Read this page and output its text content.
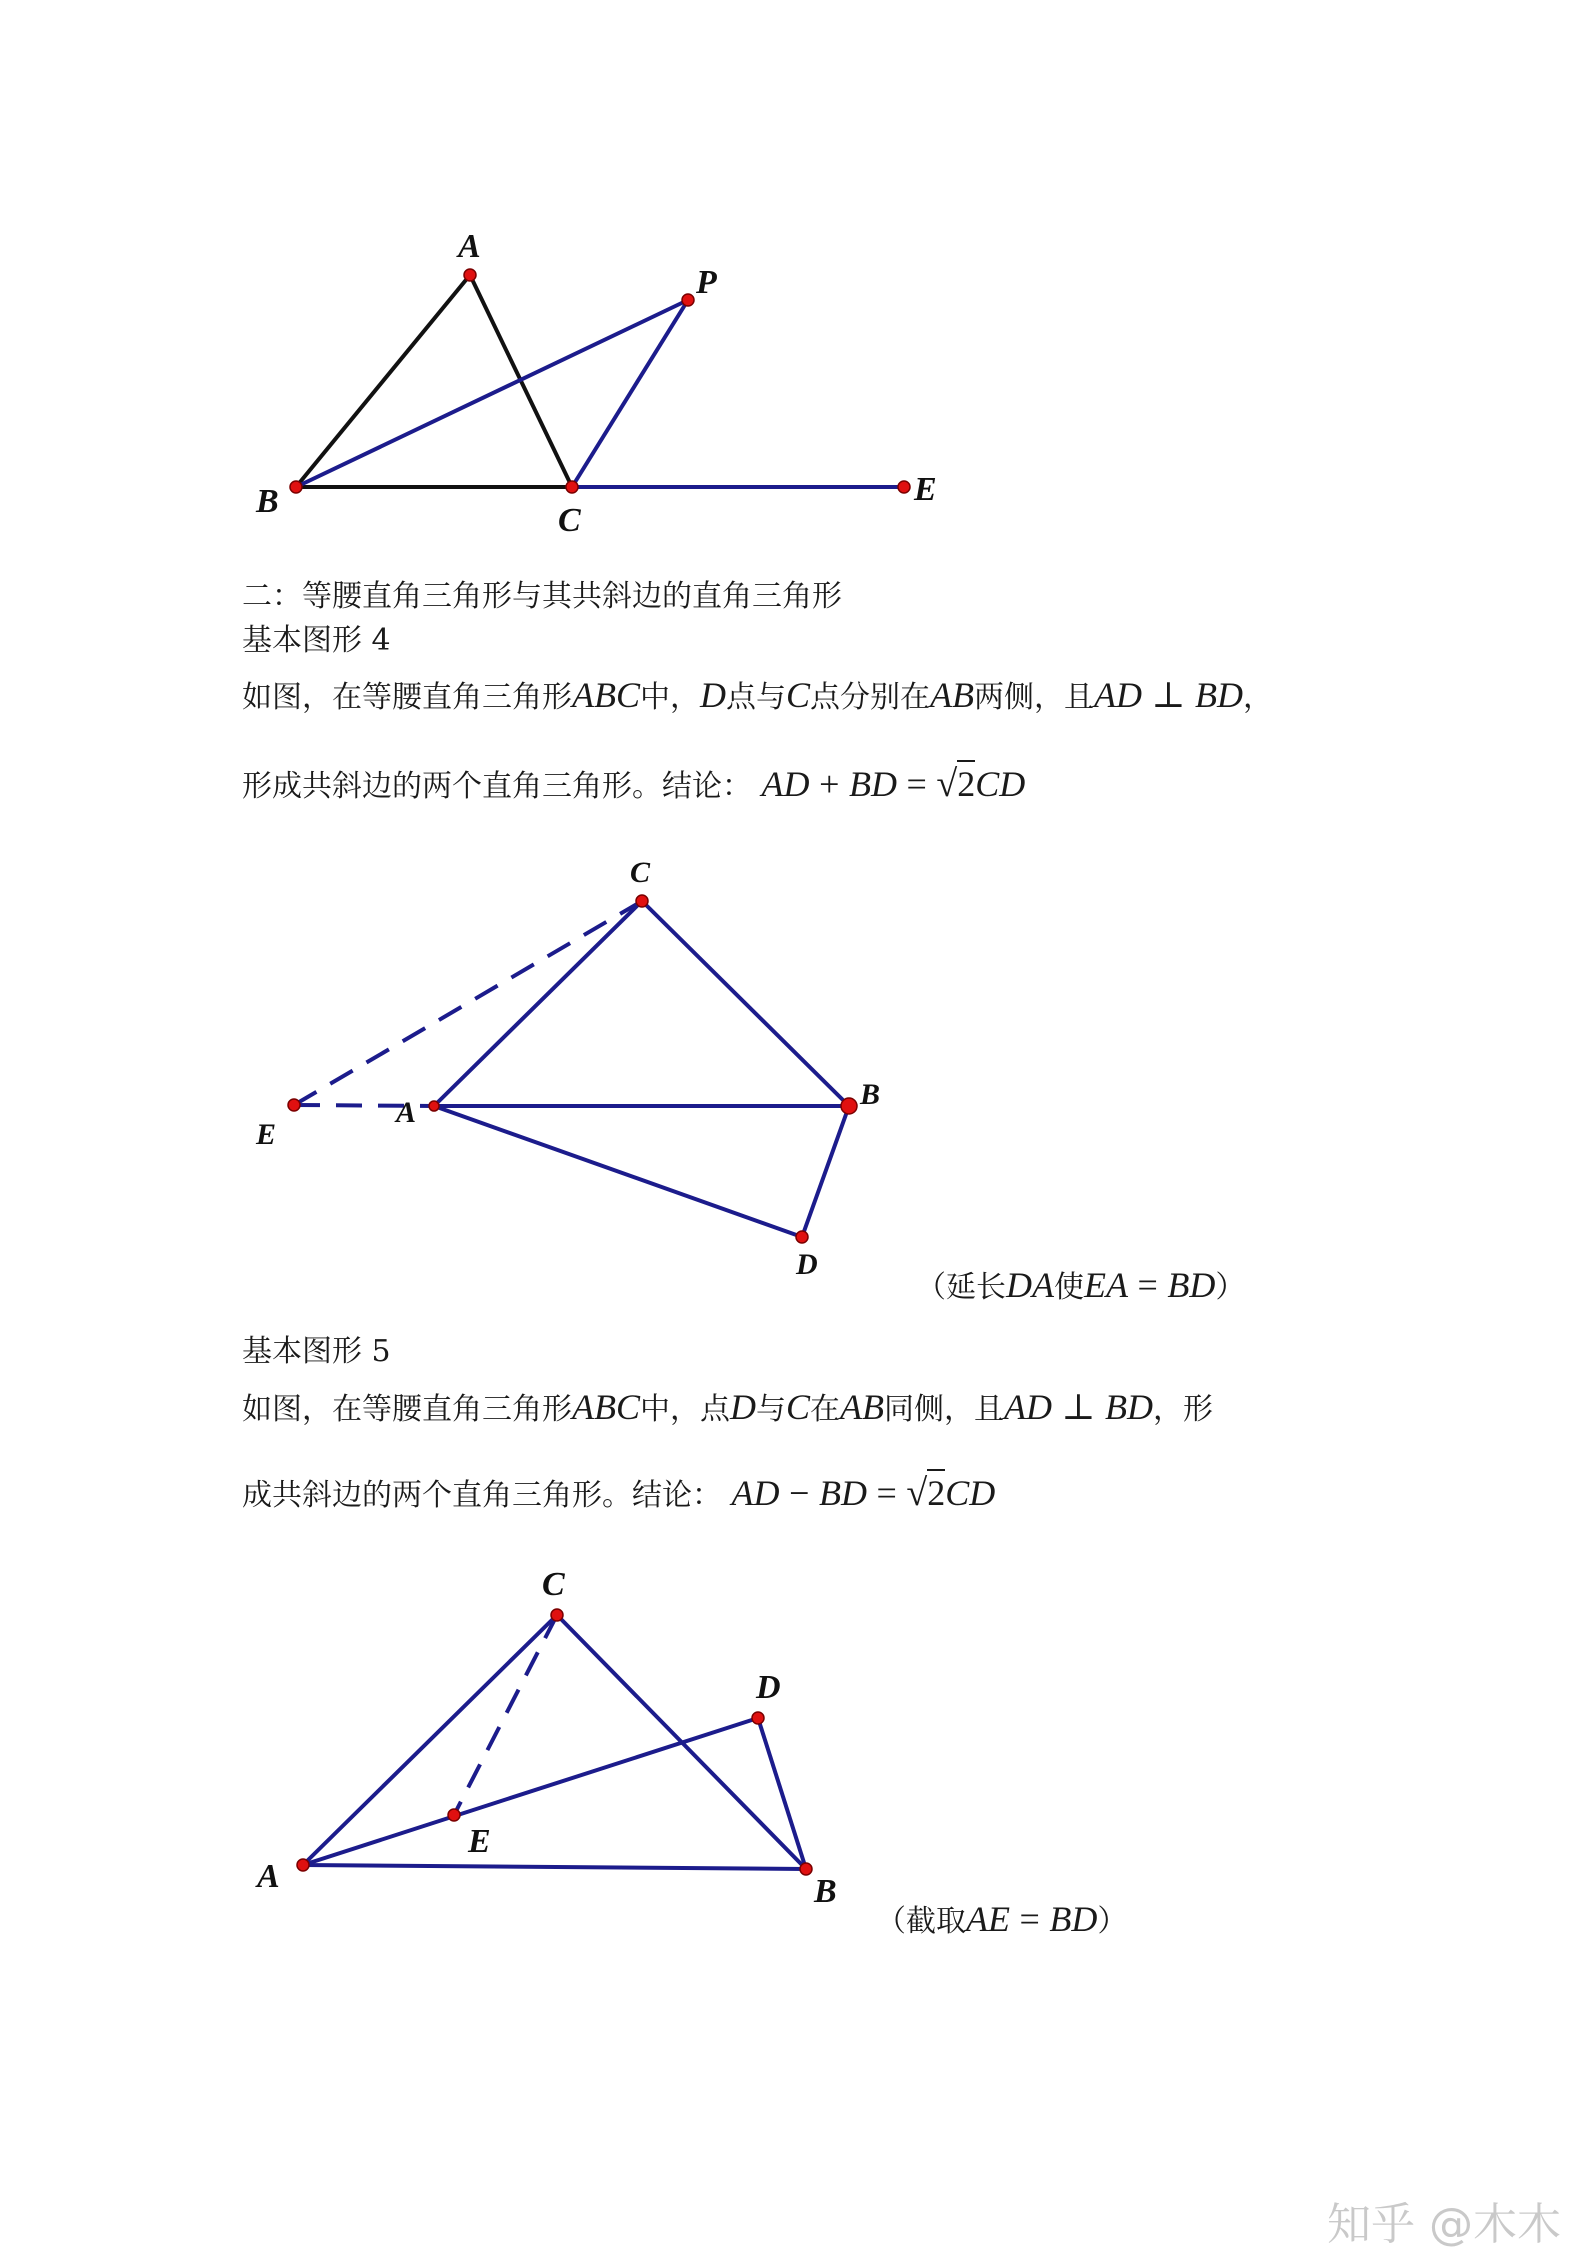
A
P
B
C
E
二：等腰直角三角形与其共斜边的直角三角形
基本图形 4
如图，在等腰直角三角形ABC中，D点与C点分别在AB两侧，且AD ⊥ BD，
形成共斜边的两个直角三角形。结论： AD + BD = √2CD
C
E
A
B
D
（延长DA使EA = BD）
基本图形 5
如图，在等腰直角三角形ABC中，点D与C在AB同侧，且AD ⊥ BD，形
成共斜边的两个直角三角形。结论： AD − BD = √2CD
C
D
E
A	B
（截取AE = BD）
知乎 @木木
